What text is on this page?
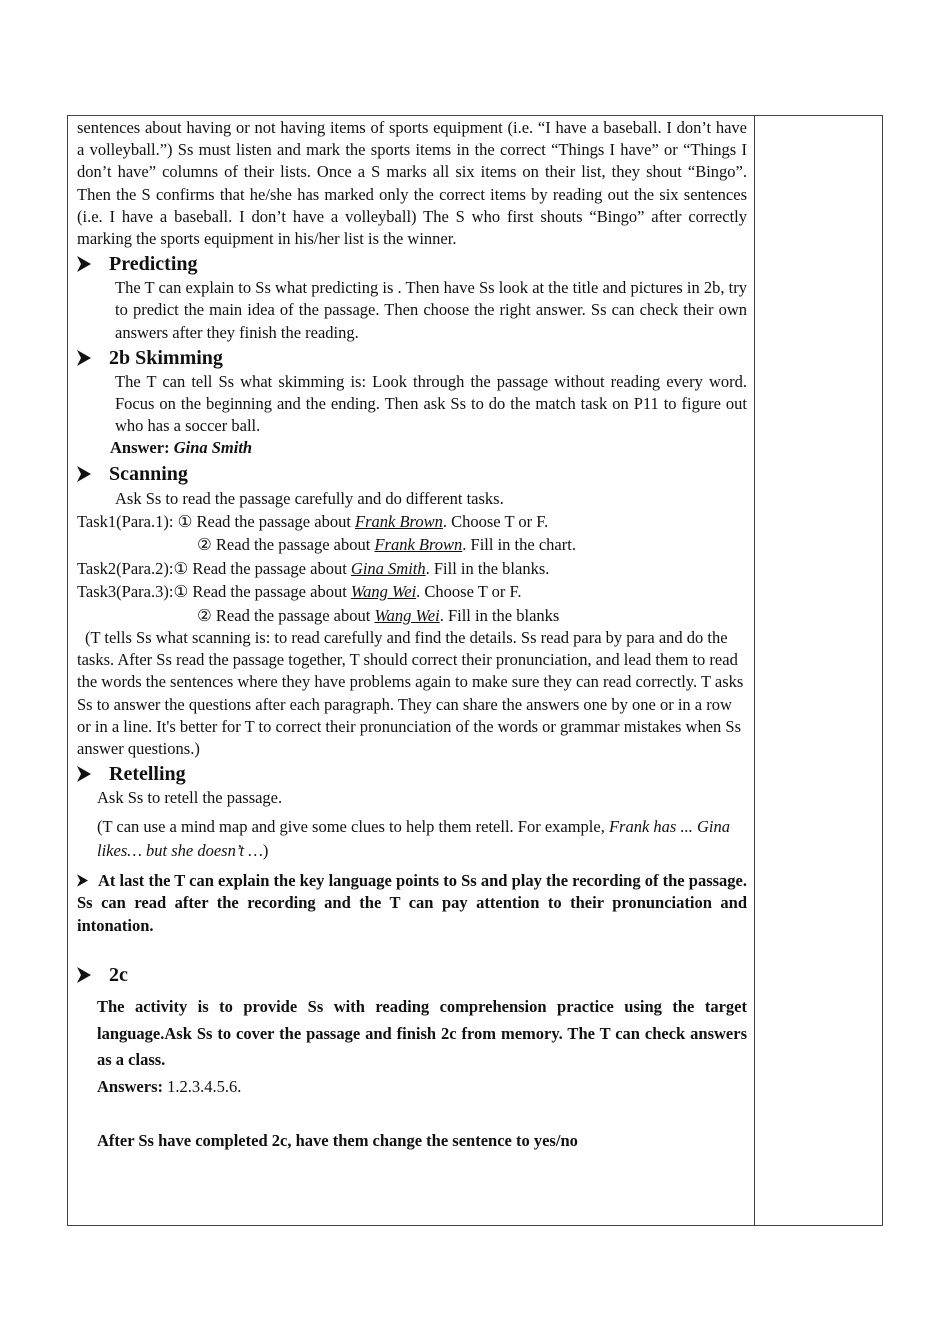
sentences about having or not having items of sports equipment (i.e. “I have a baseball. I don’t have a volleyball.”) Ss must listen and mark the sports items in the correct “Things I have” or “Things I don’t have” columns of their lists. Once a S marks all six items on their list, they shout “Bingo”. Then the S confirms that he/she has marked only the correct items by reading out the six sentences (i.e. I have a baseball. I don’t have a volleyball) The S who first shouts “Bingo” after correctly marking the sports equipment in his/her list is the winner.

Predicting

The T can explain to Ss what predicting is . Then have Ss look at the title and pictures in 2b, try to predict the main idea of the passage. Then choose the right answer. Ss can check their own answers after they finish the reading.

2b Skimming

The T can tell Ss what skimming is: Look through the passage without reading every word. Focus on the beginning and the ending. Then ask Ss to do the match task on P11 to figure out who has a soccer ball.

Answer: Gina Smith

Scanning

Ask Ss to read the passage carefully and do different tasks.

Task1(Para.1): ① Read the passage about Frank Brown. Choose T or F.

② Read the passage about Frank Brown. Fill in the chart.

Task2(Para.2):① Read the passage about Gina Smith. Fill in the blanks.

Task3(Para.3):① Read the passage about Wang Wei. Choose T or F.

② Read the passage about Wang Wei. Fill in the blanks

(T tells Ss what scanning is: to read carefully and find the details. Ss read para by para and do the tasks. After Ss read the passage together, T should correct their pronunciation, and lead them to read the words the sentences where they have problems again to make sure they can read correctly. T asks Ss to answer the questions after each paragraph. They can share the answers one by one or in a row or in a line. It's better for T to correct their pronunciation of the words or grammar mistakes when Ss answer questions.)

Retelling

Ask Ss to retell the passage.

(T can use a mind map and give some clues to help them retell. For example, Frank has ... Gina likes… but she doesn’t …)

At last the T can explain the key language points to Ss and play the recording of the passage. Ss can read after the recording and the T can pay attention to their pronunciation and intonation.

2c

The activity is to provide Ss with reading comprehension practice using the target language.Ask Ss to cover the passage and finish 2c from memory. The T can check answers as a class.

Answers: 1.2.3.4.5.6.

After Ss have completed 2c, have them change the sentence to yes/no
